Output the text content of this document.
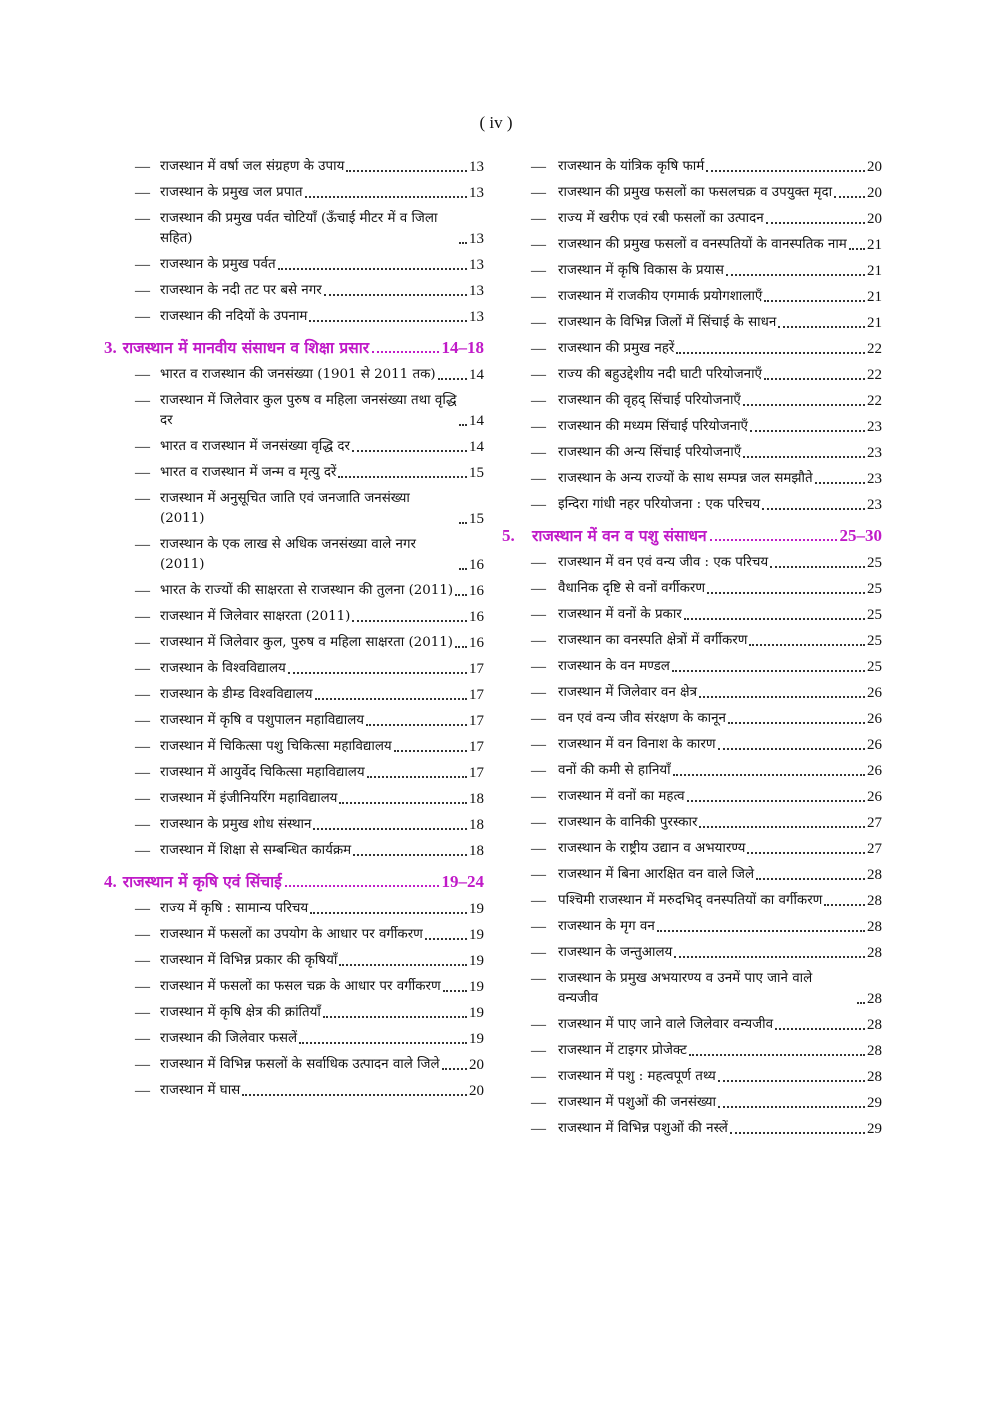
( iv )
— राजस्थान में वर्षा जल संग्रहण के उपाय	13
— राजस्थान के प्रमुख जल प्रपात	13
— राजस्थान की प्रमुख पर्वत चोटियाँ (ऊँचाई मीटर में व जिला सहित)	13
— राजस्थान के प्रमुख पर्वत	13
— राजस्थान के नदी तट पर बसे नगर	13
— राजस्थान की नदियों के उपनाम	13
3. राजस्थान में मानवीय संसाधन व शिक्षा प्रसार	14–18
— भारत व राजस्थान की जनसंख्या (1901 से 2011 तक) 14
— राजस्थान में जिलेवार कुल पुरुष व महिला जनसंख्या तथा वृद्धि दर	14
— भारत व राजस्थान में जनसंख्या वृद्धि दर	14
— भारत व राजस्थान में जन्म व मृत्यु दरें	15
— राजस्थान में अनुसूचित जाति एवं जनजाति जनसंख्या (2011)	15
— राजस्थान के एक लाख से अधिक जनसंख्या वाले नगर (2011)	16
— भारत के राज्यों की साक्षरता से राजस्थान की तुलना (2011) 16
— राजस्थान में जिलेवार साक्षरता (2011)	16
— राजस्थान में जिलेवार कुल, पुरुष व महिला साक्षरता (2011) 16
— राजस्थान के विश्वविद्यालय	17
— राजस्थान के डीम्ड विश्वविद्यालय	17
— राजस्थान में कृषि व पशुपालन महाविद्यालय	17
— राजस्थान में चिकित्सा पशु चिकित्सा महाविद्यालय	17
— राजस्थान में आयुर्वेद चिकित्सा महाविद्यालय	17
— राजस्थान में इंजीनियरिंग महाविद्यालय	18
— राजस्थान के प्रमुख शोध संस्थान	18
— राजस्थान में शिक्षा से सम्बन्धित कार्यक्रम	18
4. राजस्थान में कृषि एवं सिंचाई	19–24
— राज्य में कृषि : सामान्य परिचय	19
— राजस्थान में फसलों का उपयोग के आधार पर वर्गीकरण	19
— राजस्थान में विभिन्न प्रकार की कृषियाँ	19
— राजस्थान में फसलों का फसल चक्र के आधार पर वर्गीकरण 19
— राजस्थान में कृषि क्षेत्र की क्रांतियाँ	19
— राजस्थान की जिलेवार फसलें	19
— राजस्थान में विभिन्न फसलों के सर्वाधिक उत्पादन वाले जिले 20
— राजस्थान में घास	20
— राजस्थान के यांत्रिक कृषि फार्म	20
— राजस्थान की प्रमुख फसलों का फसलचक्र व उपयुक्त मृदा 20
— राज्य में खरीफ एवं रबी फसलों का उत्पादन	20
— राजस्थान की प्रमुख फसलों व वनस्पतियों के वानस्पतिक नाम 21
— राजस्थान में कृषि विकास के प्रयास	21
— राजस्थान में राजकीय एगमार्क प्रयोगशालाएँ	21
— राजस्थान के विभिन्न जिलों में सिंचाई के साधन	21
— राजस्थान की प्रमुख नहरें	22
— राज्य की बहुउद्देशीय नदी घाटी परियोजनाएँ	22
— राजस्थान की वृहद् सिंचाई परियोजनाएँ	22
— राजस्थान की मध्यम सिंचाई परियोजनाएँ	23
— राजस्थान की अन्य सिंचाई परियोजनाएँ	23
— राजस्थान के अन्य राज्यों के साथ सम्पन्न जल समझौते	23
— इन्दिरा गांधी नहर परियोजना : एक परिचय	23
5.	राजस्थान में वन व पशु संसाधन	25–30
— राजस्थान में वन एवं वन्य जीव : एक परिचय	25
— वैधानिक दृष्टि से वनों वर्गीकरण	25
— राजस्थान में वनों के प्रकार	25
— राजस्थान का वनस्पति क्षेत्रों में वर्गीकरण	25
— राजस्थान के वन मण्डल	25
— राजस्थान में जिलेवार वन क्षेत्र	26
— वन एवं वन्य जीव संरक्षण के कानून	26
— राजस्थान में वन विनाश के कारण	26
— वनों की कमी से हानियाँ	26
— राजस्थान में वनों का महत्व	26
— राजस्थान के वानिकी पुरस्कार	27
— राजस्थान के राष्ट्रीय उद्यान व अभयारण्य	27
— राजस्थान में बिना आरक्षित वन वाले जिले	28
— पश्चिमी राजस्थान में मरुदभिद् वनस्पतियों का वर्गीकरण	28
— राजस्थान के मृग वन	28
— राजस्थान के जन्तुआलय	28
— राजस्थान के प्रमुख अभयारण्य व उनमें पाए जाने वाले वन्यजीव	28
— राजस्थान में पाए जाने वाले जिलेवार वन्यजीव	28
— राजस्थान में टाइगर प्रोजेक्ट	28
— राजस्थान में पशु : महत्वपूर्ण तथ्य	28
— राजस्थान में पशुओं की जनसंख्या	29
— राजस्थान में विभिन्न पशुओं की नस्लें	29
